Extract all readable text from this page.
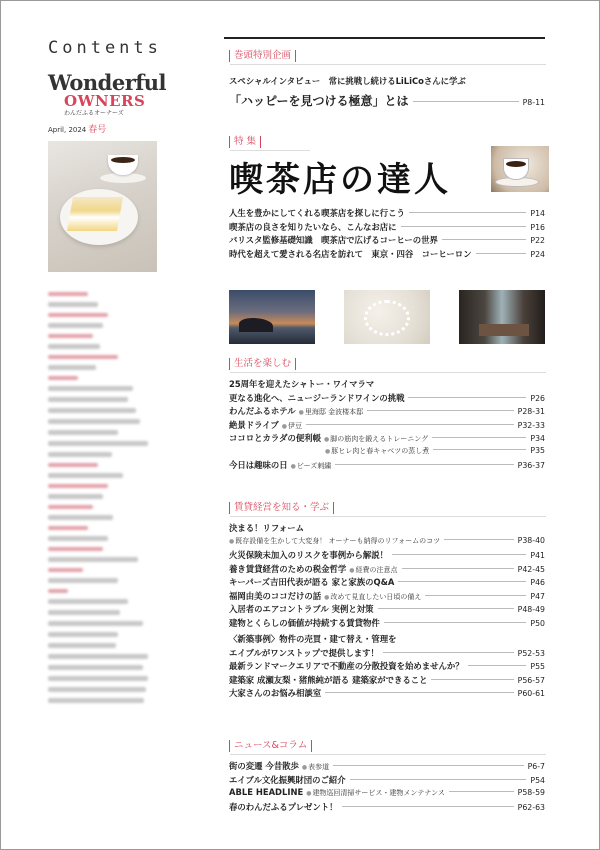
Contents
Wonderful
OWNERS
わんだふるオーナーズ
April, 2024 春号
巻頭特別企画
スペシャルインタビュー　常に挑戦し続けるLiLiCoさんに学ぶ
「ハッピーを見つける極意」とは	P8-11
特 集
喫茶店の達人
人生を豊かにしてくれる喫茶店を探しに行こう	P14
喫茶店の良さを知りたいなら、こんなお店に	P16
バリスタ監修基礎知識　喫茶店で広げるコーヒーの世界	P22
時代を超えて愛される名店を訪れて　東京・四谷　コーヒーロン	P24
生活を楽しむ
25周年を迎えたシャトー・ワイマラマ
更なる進化へ、ニュージーランドワインの挑戦	P26
わんだふるホテル	● 里海邸 金波楼本邸	P28-31
絶景ドライブ	● 伊豆	P32-33
ココロとカラダの便利帳	● 脚の筋肉を鍛えるトレーニング	P34
● 豚ヒレ肉と春キャベツの蒸し煮	P35
今日は趣味の日	● ビーズ刺繍	P36-37
賃貸経営を知る・学ぶ
決まる！リフォーム
● 既存設備を生かして大変身！ オーナーも納得のリフォームのコツ	P38-40
火災保険未加入のリスクを事例から解説！	P41
養き賃貸経営のための税金哲学	● 経費の注意点	P42-45
キーパーズ吉田代表が語る 家と家族のQ&A	P46
福岡由美のココだけの話	● 改めて見直したい日頃の備え	P47
入居者のエアコントラブル 実例と対策	P48-49
建物とくらしの価値が持続する賃貸物件	P50
〈新築事例〉物件の売買・建て替え・管理を
エイブルがワンストップで提供します！	P52-53
最新ランドマークエリアで不動産の分散投資を始めませんか？	P55
建築家 成瀬友梨・猪熊純が語る 建築家ができること	P56-57
大家さんのお悩み相談室	P60-61
ニュース&コラム
街の変遷 今昔散歩	● 表参道	P6-7
エイブル文化振興財団のご紹介	P54
ABLE HEADLINE	● 建物巡回清掃サービス・建物メンテナンス	P58-59
春のわんだふるプレゼント！	P62-63
